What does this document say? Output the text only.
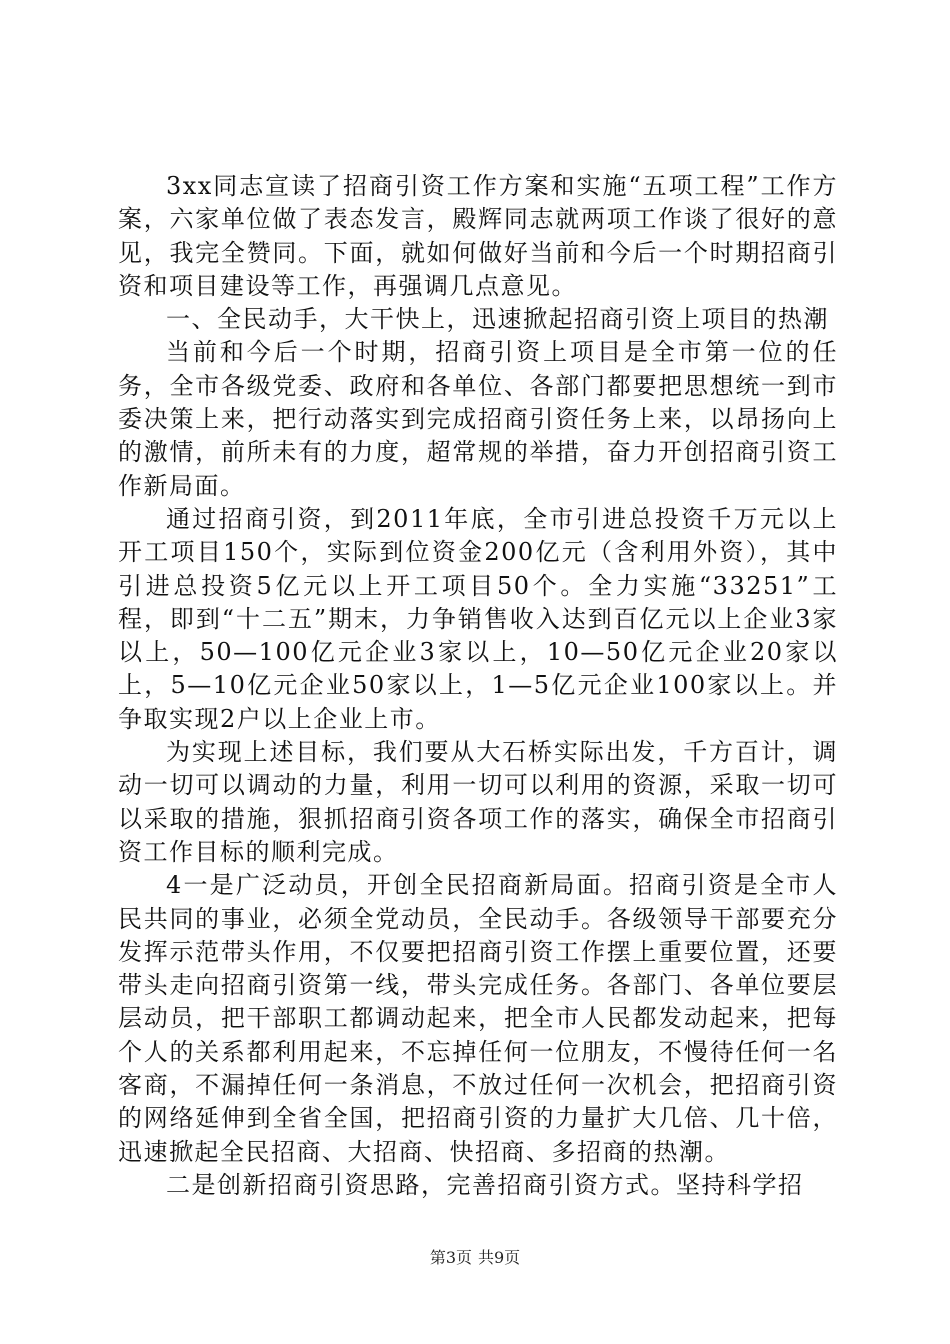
3xx同志宣读了招商引资工作方案和实施“五项工程”工作方案，六家单位做了表态发言，殿辉同志就两项工作谈了很好的意见，我完全赞同。下面，就如何做好当前和今后一个时期招商引资和项目建设等工作，再强调几点意见。

一、全民动手，大干快上，迅速掀起招商引资上项目的热潮

当前和今后一个时期，招商引资上项目是全市第一位的任务，全市各级党委、政府和各单位、各部门都要把思想统一到市委决策上来，把行动落实到完成招商引资任务上来，以昂扬向上的激情，前所未有的力度，超常规的举措，奋力开创招商引资工作新局面。

通过招商引资，到2011年底，全市引进总投资千万元以上开工项目150个，实际到位资金200亿元（含利用外资），其中引进总投资5亿元以上开工项目50个。全力实施“33251”工程，即到“十二五”期末，力争销售收入达到百亿元以上企业3家以上，50—100亿元企业3家以上，10—50亿元企业20家以上，5—10亿元企业50家以上，1—5亿元企业100家以上。并争取实现2户以上企业上市。

为实现上述目标，我们要从大石桥实际出发，千方百计，调动一切可以调动的力量，利用一切可以利用的资源，采取一切可以采取的措施，狠抓招商引资各项工作的落实，确保全市招商引资工作目标的顺利完成。

4一是广泛动员，开创全民招商新局面。招商引资是全市人民共同的事业，必须全党动员，全民动手。各级领导干部要充分发挥示范带头作用，不仅要把招商引资工作摆上重要位置，还要带头走向招商引资第一线，带头完成任务。各部门、各单位要层层动员，把干部职工都调动起来，把全市人民都发动起来，把每个人的关系都利用起来，不忘掉任何一位朋友，不慢待任何一名客商，不漏掉任何一条消息，不放过任何一次机会，把招商引资的网络延伸到全省全国，把招商引资的力量扩大几倍、几十倍，迅速掀起全民招商、大招商、快招商、多招商的热潮。

二是创新招商引资思路，完善招商引资方式。坚持科学招

第3页 共9页
